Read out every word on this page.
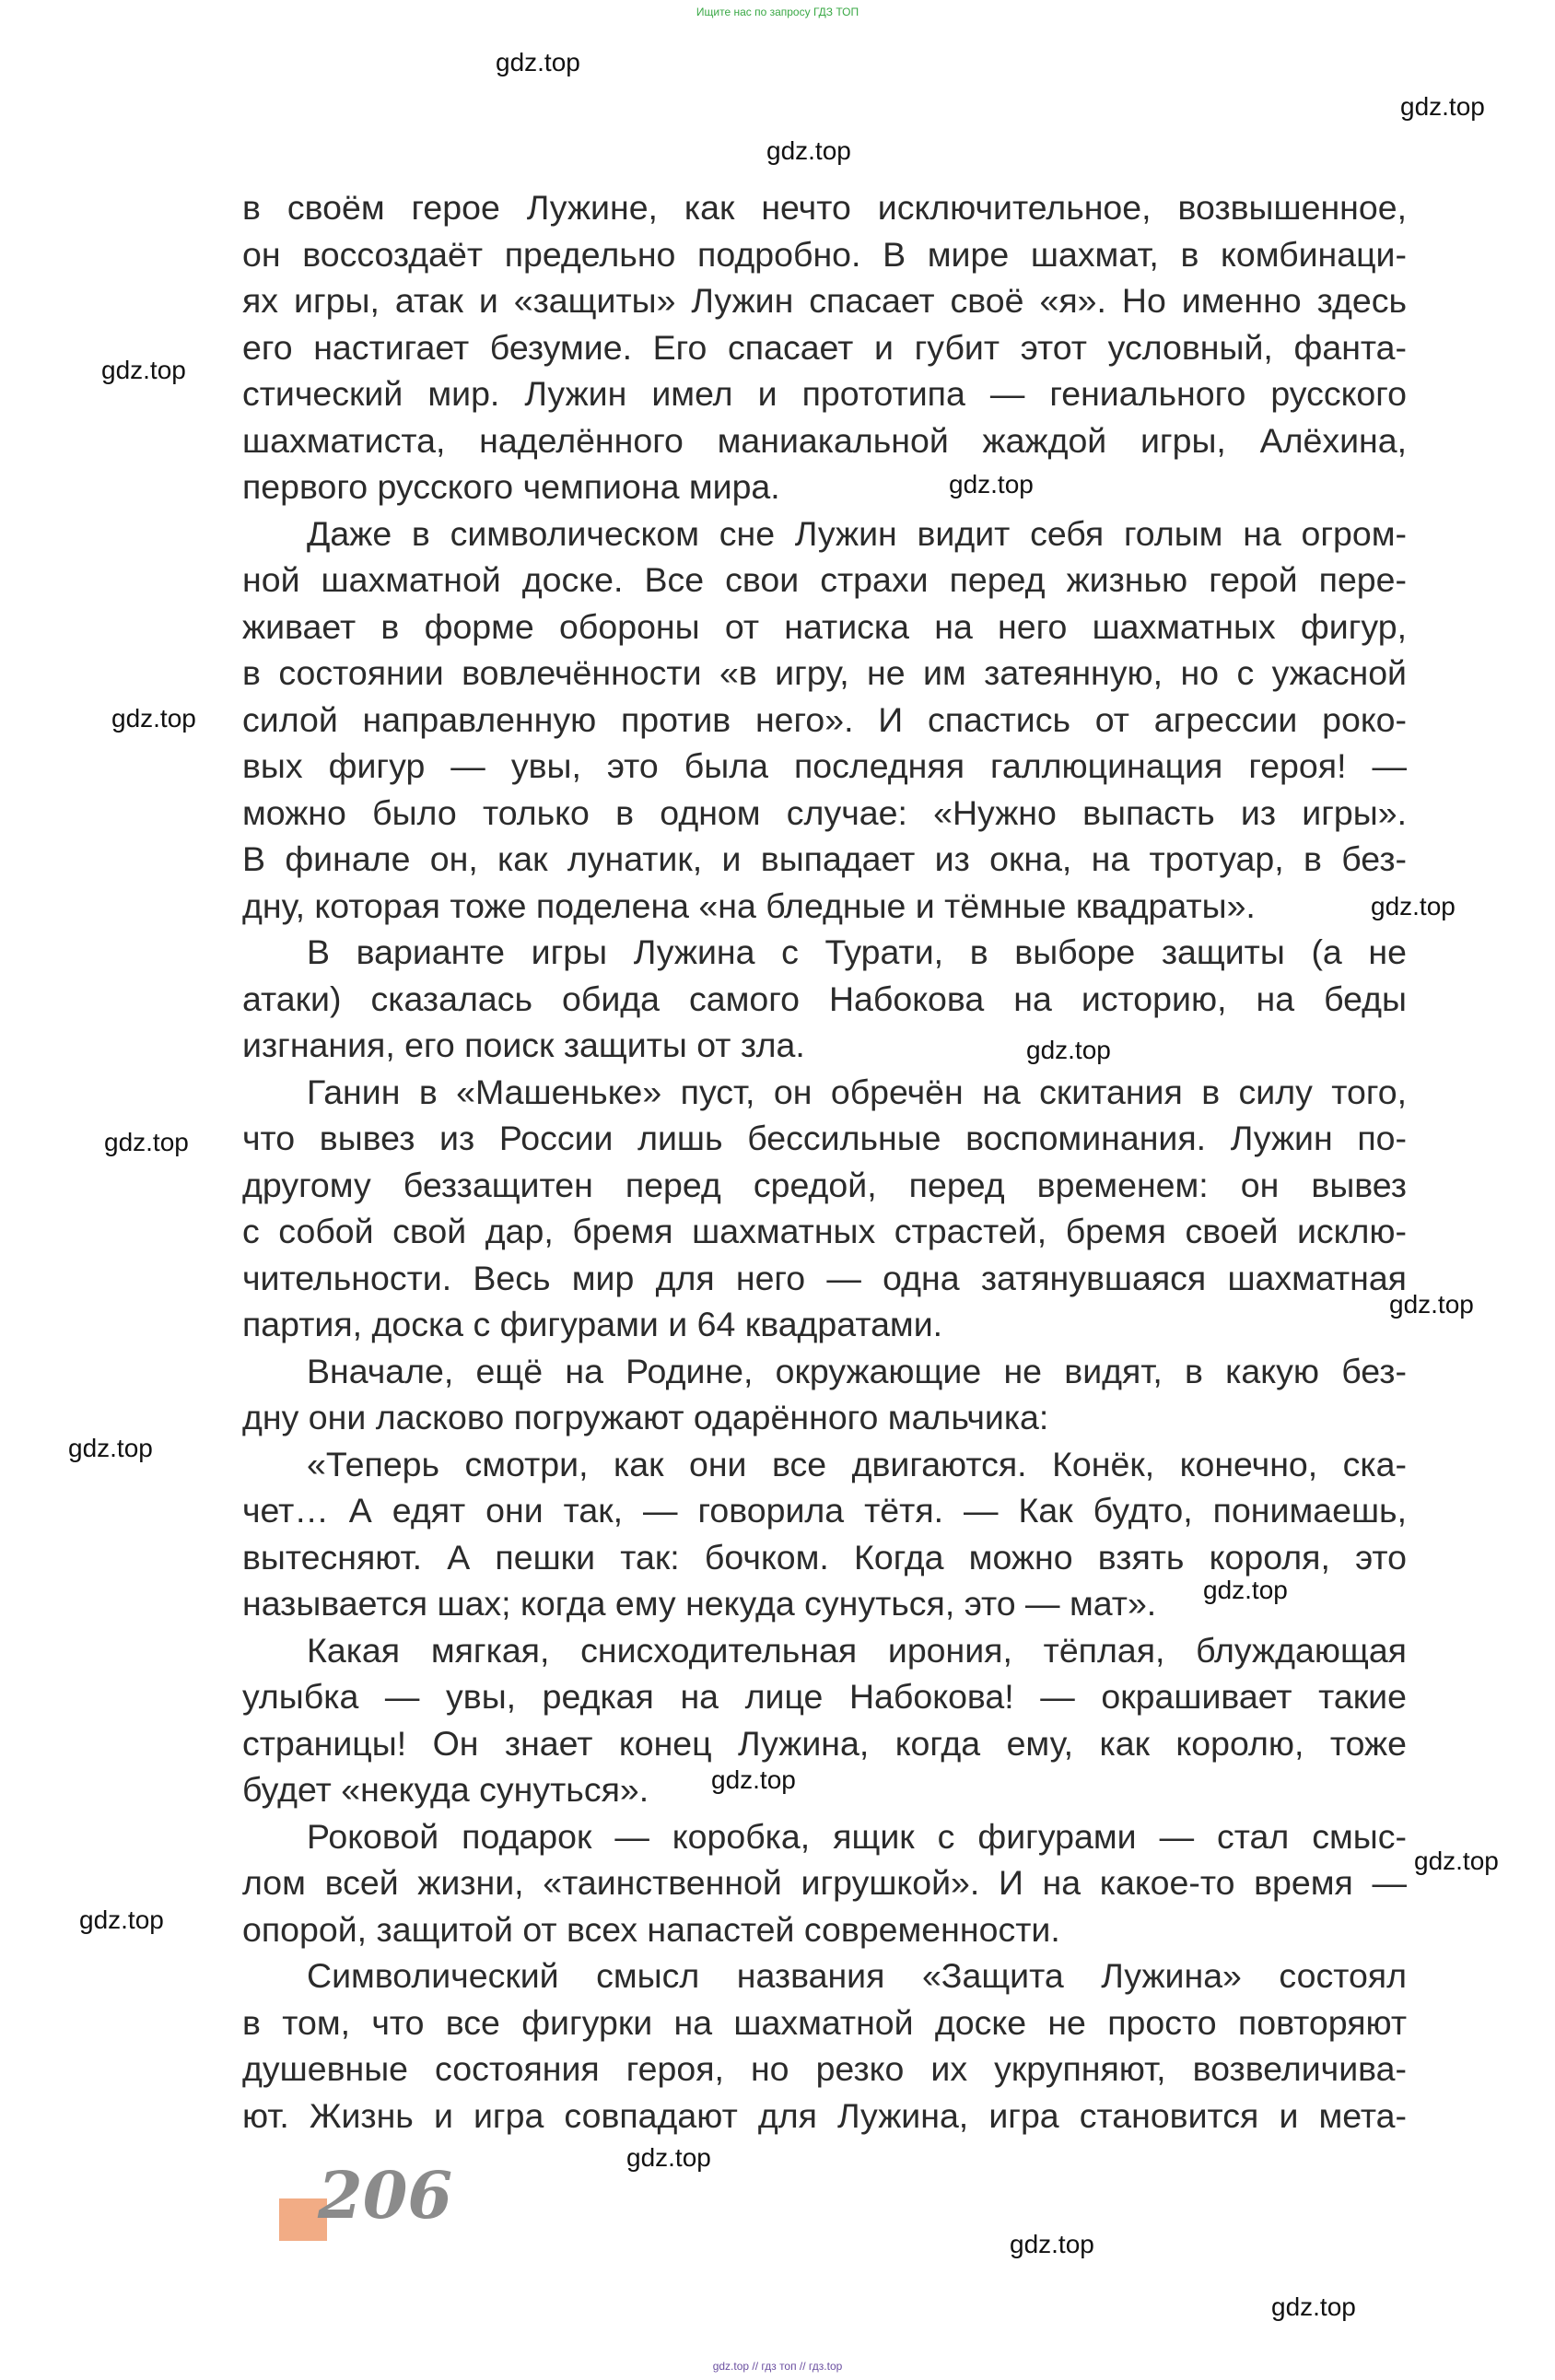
Ищите нас по запросу ГДЗ ТОП
gdz.top
gdz.top
gdz.top
gdz.top
gdz.top
gdz.top
gdz.top
gdz.top
gdz.top
gdz.top
gdz.top
gdz.top
gdz.top
gdz.top
gdz.top
gdz.top
gdz.top
gdz.top
в своём герое Лужине, как нечто исключительное, возвышенное,
он воссоздаёт предельно подробно. В мире шахмат, в комбинаци-
ях игры, атак и «защиты» Лужин спасает своё «я». Но именно здесь
его настигает безумие. Его спасает и губит этот условный, фанта-
стический мир. Лужин имел и прототипа — гениального русского
шахматиста, наделённого маниакальной жаждой игры, Алёхина,
первого русского чемпиона мира.
Даже в символическом сне Лужин видит себя голым на огром-
ной шахматной доске. Все свои страхи перед жизнью герой пере-
живает в форме обороны от натиска на него шахматных фигур,
в состоянии вовлечённости «в игру, не им затеянную, но с ужасной
силой направленную против него». И спастись от агрессии роко-
вых фигур — увы, это была последняя галлюцинация героя! —
можно было только в одном случае: «Нужно выпасть из игры».
В финале он, как лунатик, и выпадает из окна, на тротуар, в без-
дну, которая тоже поделена «на бледные и тёмные квадраты».
В варианте игры Лужина с Турати, в выборе защиты (а не
атаки) сказалась обида самого Набокова на историю, на беды
изгнания, его поиск защиты от зла.
Ганин в «Машеньке» пуст, он обречён на скитания в силу того,
что вывез из России лишь бессильные воспоминания. Лужин по-
другому беззащитен перед средой, перед временем: он вывез
с собой свой дар, бремя шахматных страстей, бремя своей исклю-
чительности. Весь мир для него — одна затянувшаяся шахматная
партия, доска с фигурами и 64 квадратами.
Вначале, ещё на Родине, окружающие не видят, в какую без-
дну они ласково погружают одарённого мальчика:
«Теперь смотри, как они все двигаются. Конёк, конечно, ска-
чет… А едят они так, — говорила тётя. — Как будто, понимаешь,
вытесняют. А пешки так: бочком. Когда можно взять короля, это
называется шах; когда ему некуда сунуться, это — мат».
Какая мягкая, снисходительная ирония, тёплая, блуждающая
улыбка — увы, редкая на лице Набокова! — окрашивает такие
страницы! Он знает конец Лужина, когда ему, как королю, тоже
будет «некуда сунуться».
Роковой подарок — коробка, ящик с фигурами — стал смыс-
лом всей жизни, «таинственной игрушкой». И на какое-то время —
опорой, защитой от всех напастей современности.
Символический смысл названия «Защита Лужина» состоял
в том, что все фигурки на шахматной доске не просто повторяют
душевные состояния героя, но резко их укрупняют, возвеличива-
ют. Жизнь и игра совпадают для Лужина, игра становится и мета-
206
gdz.top // гдз топ // гдз.top
